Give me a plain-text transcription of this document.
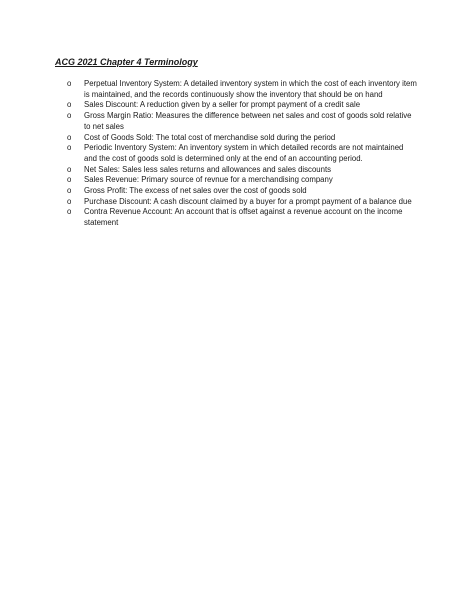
ACG 2021 Chapter 4 Terminology
o Perpetual Inventory System: A detailed inventory system in which the cost of each inventory item is maintained, and the records continuously show the inventory that should be on hand
o Sales Discount: A reduction given by a seller for prompt payment of a credit sale
o Gross Margin Ratio: Measures the difference between net sales and cost of goods sold relative to net sales
o Cost of Goods Sold: The total cost of merchandise sold during the period
o Periodic Inventory System: An inventory system in which detailed records are not maintained and the cost of goods sold is determined only at the end of an accounting period.
o Net Sales: Sales less sales returns and allowances and sales discounts
o Sales Revenue: Primary source of revnue for a merchandising company
o Gross Profit: The excess of net sales over the cost of goods sold
o Purchase Discount: A cash discount claimed by a buyer for a prompt payment of a balance due
o Contra Revenue Account: An account that is offset against a revenue account on the income statement
